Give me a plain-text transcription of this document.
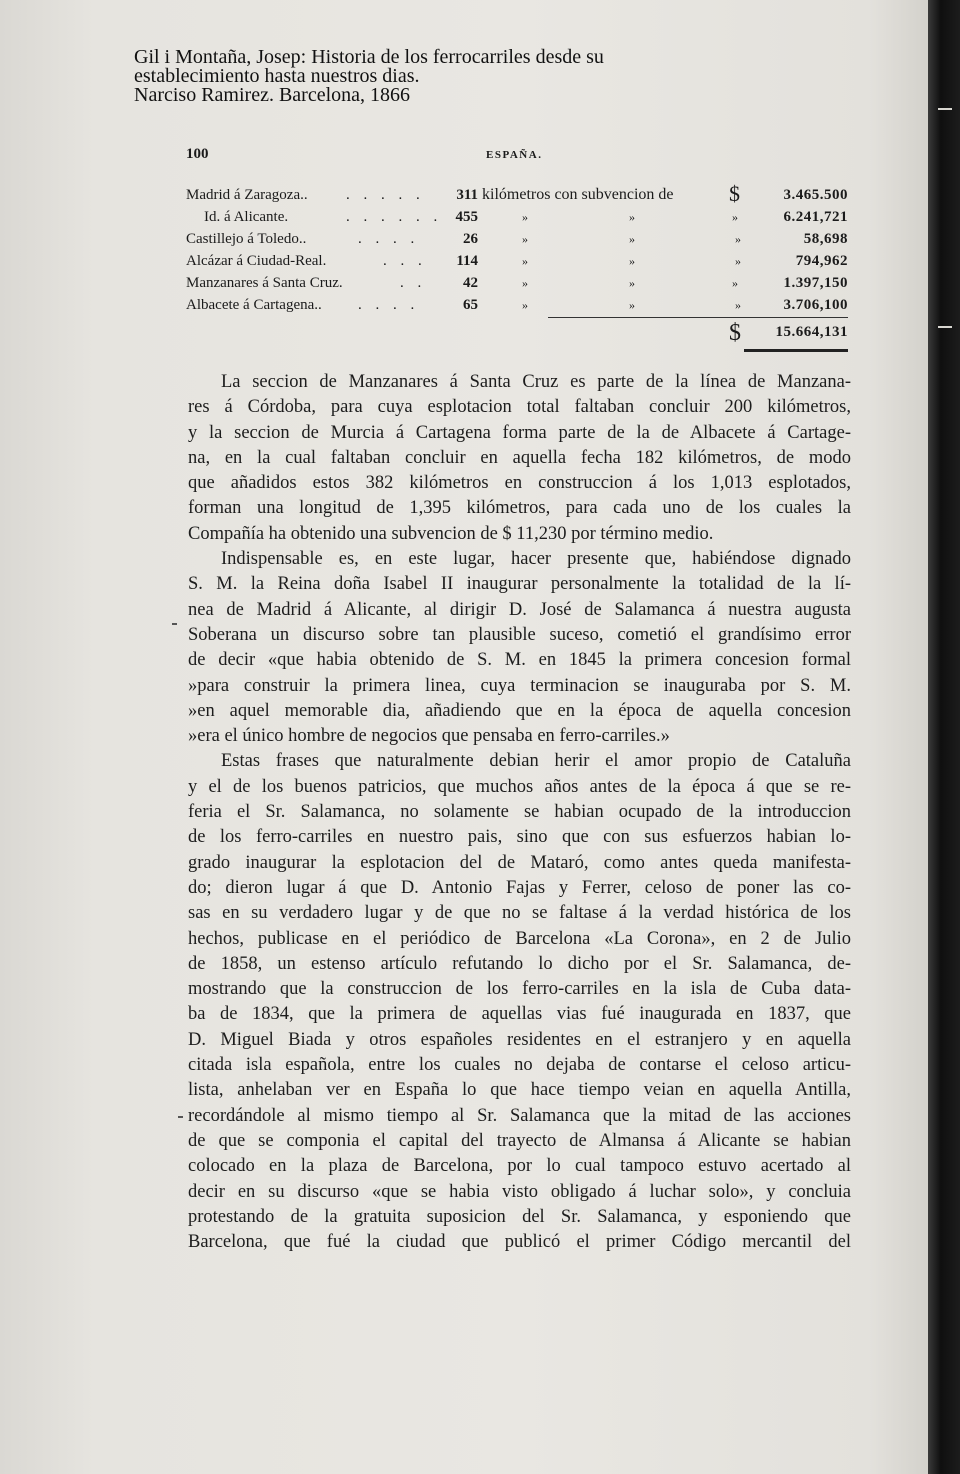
Gil i Montaña, Josep: Historia de los ferrocarriles desde su
establecimiento hasta nuestros dias.
Narciso Ramirez. Barcelona, 1866
100	ESPAÑA.
Madrid á Zaragoza..	. . . . .	311 kilómetros con subvencion de	$	3.465.500
Id. á Alicante.	. . . . . . 455	»	»	»	6.241,721
Castillejo á Toledo..	. . . .	26	»	»	»	58,698
Alcázar á Ciudad-Real.	. . .	114	»	»	»	794,962
Manzanares á Santa Cruz.	. .	42	»	»	»	1.397,150
Albacete á Cartagena.. . . . .	65	»	»	»	3.706,100
$ 15.664,131
La seccion de Manzanares á Santa Cruz es parte de la línea de Manzana-
res á Córdoba, para cuya esplotacion total faltaban concluir 200 kilómetros,
y la seccion de Murcia á Cartagena forma parte de la de Albacete á Cartage-
na, en la cual faltaban concluir en aquella fecha 182 kilómetros, de modo
que añadidos estos 382 kilómetros en construccion á los 1,013 esplotados,
forman una longitud de 1,395 kilómetros, para cada uno de los cuales la
Compañía ha obtenido una subvencion de $ 11,230 por término medio.
Indispensable es, en este lugar, hacer presente que, habiéndose dignado
S. M. la Reina doña Isabel II inaugurar personalmente la totalidad de la lí-
nea de Madrid á Alicante, al dirigir D. José de Salamanca á nuestra augusta
Soberana un discurso sobre tan plausible suceso, cometió el grandísimo error
de decir «que habia obtenido de S. M. en 1845 la primera concesion formal
»para construir la primera linea, cuya terminacion se inauguraba por S. M.
»en aquel memorable dia, añadiendo que en la época de aquella concesion
»era el único hombre de negocios que pensaba en ferro-carriles.»
Estas frases que naturalmente debian herir el amor propio de Cataluña
y el de los buenos patricios, que muchos años antes de la época á que se re-
feria el Sr. Salamanca, no solamente se habian ocupado de la introduccion
de los ferro-carriles en nuestro pais, sino que con sus esfuerzos habian lo-
grado inaugurar la esplotacion del de Mataró, como antes queda manifesta-
do; dieron lugar á que D. Antonio Fajas y Ferrer, celoso de poner las co-
sas en su verdadero lugar y de que no se faltase á la verdad histórica de los
hechos, publicase en el periódico de Barcelona «La Corona», en 2 de Julio
de 1858, un estenso artículo refutando lo dicho por el Sr. Salamanca, de-
mostrando que la construccion de los ferro-carriles en la isla de Cuba data-
ba de 1834, que la primera de aquellas vias fué inaugurada en 1837, que
D. Miguel Biada y otros españoles residentes en el estranjero y en aquella
citada isla española, entre los cuales no dejaba de contarse el celoso articu-
lista, anhelaban ver en España lo que hace tiempo veian en aquella Antilla,
recordándole al mismo tiempo al Sr. Salamanca que la mitad de las acciones
de que se componia el capital del trayecto de Almansa á Alicante se habian
colocado en la plaza de Barcelona, por lo cual tampoco estuvo acertado al
decir en su discurso «que se habia visto obligado á luchar solo», y concluia
protestando de la gratuita suposicion del Sr. Salamanca, y esponiendo que
Barcelona, que fué la ciudad que publicó el primer Código mercantil del
